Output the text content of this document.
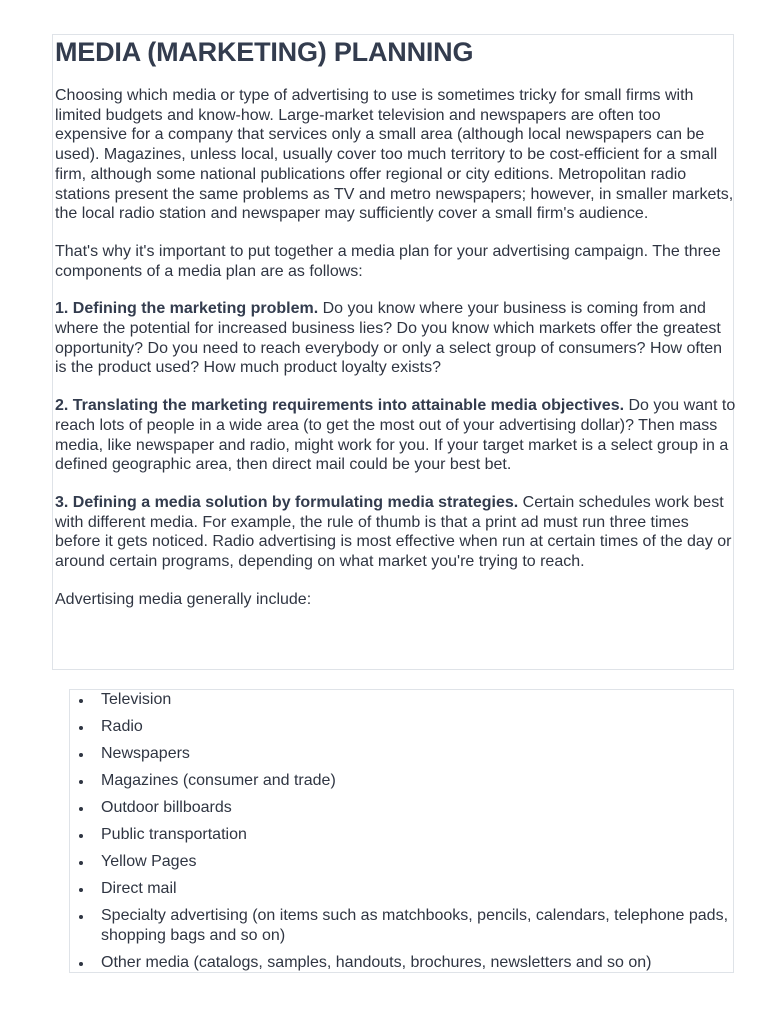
MEDIA (MARKETING) PLANNING

Choosing which media or type of advertising to use is sometimes tricky for small firms with limited budgets and know-how. Large-market television and newspapers are often too expensive for a company that services only a small area (although local newspapers can be used). Magazines, unless local, usually cover too much territory to be cost-efficient for a small firm, although some national publications offer regional or city editions. Metropolitan radio stations present the same problems as TV and metro newspapers; however, in smaller markets, the local radio station and newspaper may sufficiently cover a small firm's audience.

That's why it's important to put together a media plan for your advertising campaign. The three components of a media plan are as follows:

1. Defining the marketing problem. Do you know where your business is coming from and where the potential for increased business lies? Do you know which markets offer the greatest opportunity? Do you need to reach everybody or only a select group of consumers? How often is the product used? How much product loyalty exists?

2. Translating the marketing requirements into attainable media objectives. Do you want to reach lots of people in a wide area (to get the most out of your advertising dollar)? Then mass media, like newspaper and radio, might work for you. If your target market is a select group in a defined geographic area, then direct mail could be your best bet.

3. Defining a media solution by formulating media strategies. Certain schedules work best with different media. For example, the rule of thumb is that a print ad must run three times before it gets noticed. Radio advertising is most effective when run at certain times of the day or around certain programs, depending on what market you're trying to reach.

Advertising media generally include:

Television
Radio
Newspapers
Magazines (consumer and trade)
Outdoor billboards
Public transportation
Yellow Pages
Direct mail
Specialty advertising (on items such as matchbooks, pencils, calendars, telephone pads, shopping bags and so on)
Other media (catalogs, samples, handouts, brochures, newsletters and so on)
